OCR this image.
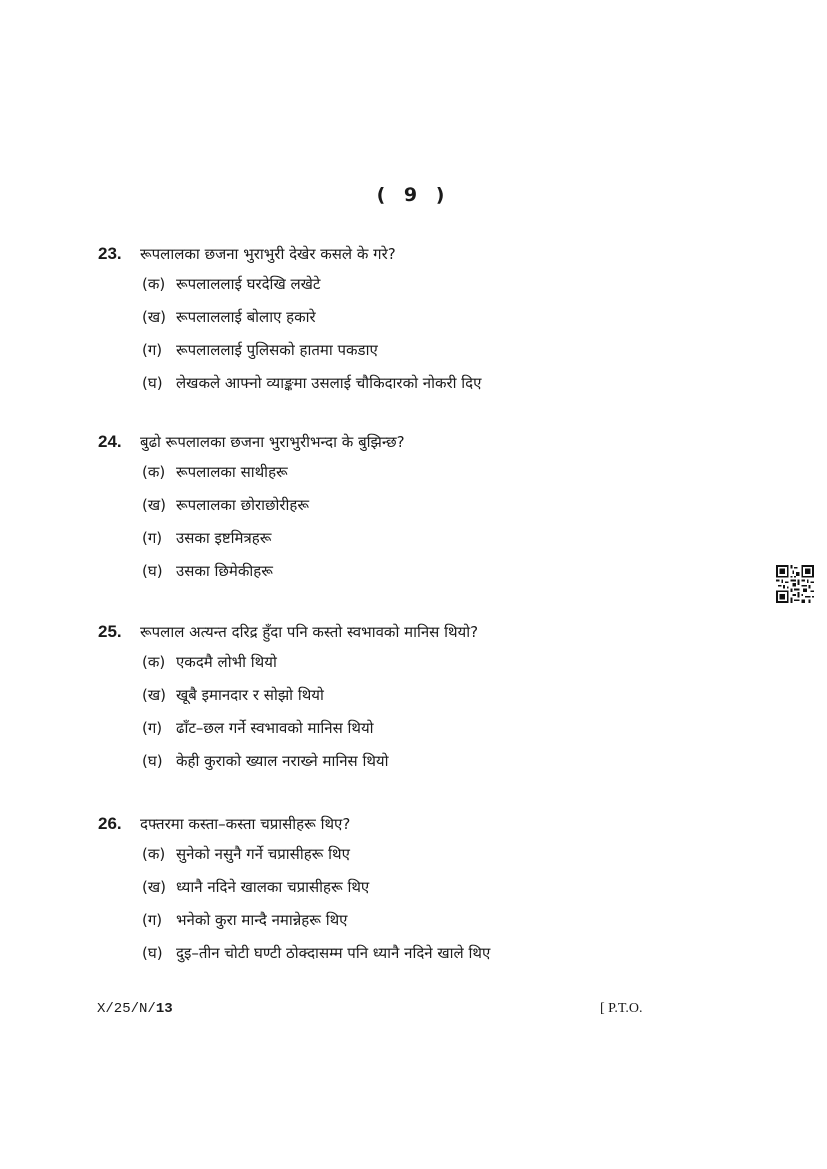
( 9 )
23.	रूपलालका छजना भुराभुरी देखेर कसले के गरे?
(क) रूपलाललाई घरदेखि लखेटे
(ख) रूपलाललाई बोलाए हकारे
(ग) रूपलाललाई पुलिसको हातमा पकडाए
(घ) लेखकले आफ्नो व्याङ्कमा उसलाई चौकिदारको नोकरी दिए
24.	बुढो रूपलालका छजना भुराभुरीभन्दा के बुझिन्छ?
(क) रूपलालका साथीहरू
(ख) रूपलालका छोराछोरीहरू
(ग) उसका इष्टमित्रहरू
(घ) उसका छिमेकीहरू
25.	रूपलाल अत्यन्त दरिद्र हुँदा पनि कस्तो स्वभावको मानिस थियो?
(क) एकदमै लोभी थियो
(ख) खूबै इमानदार र सोझो थियो
(ग) ढाँट–छल गर्ने स्वभावको मानिस थियो
(घ) केही कुराको ख्याल नराख्ने मानिस थियो
26.	दफ्तरमा कस्ता–कस्ता चप्रासीहरू थिए?
(क) सुनेको नसुनै गर्ने चप्रासीहरू थिए
(ख) ध्यानै नदिने खालका चप्रासीहरू थिए
(ग) भनेको कुरा मान्दै नमान्नेहरू थिए
(घ) दुइ–तीन चोटी घण्टी ठोक्दासम्म पनि ध्यानै नदिने खाले थिए
X/25/N/13	[ P.T.O.
